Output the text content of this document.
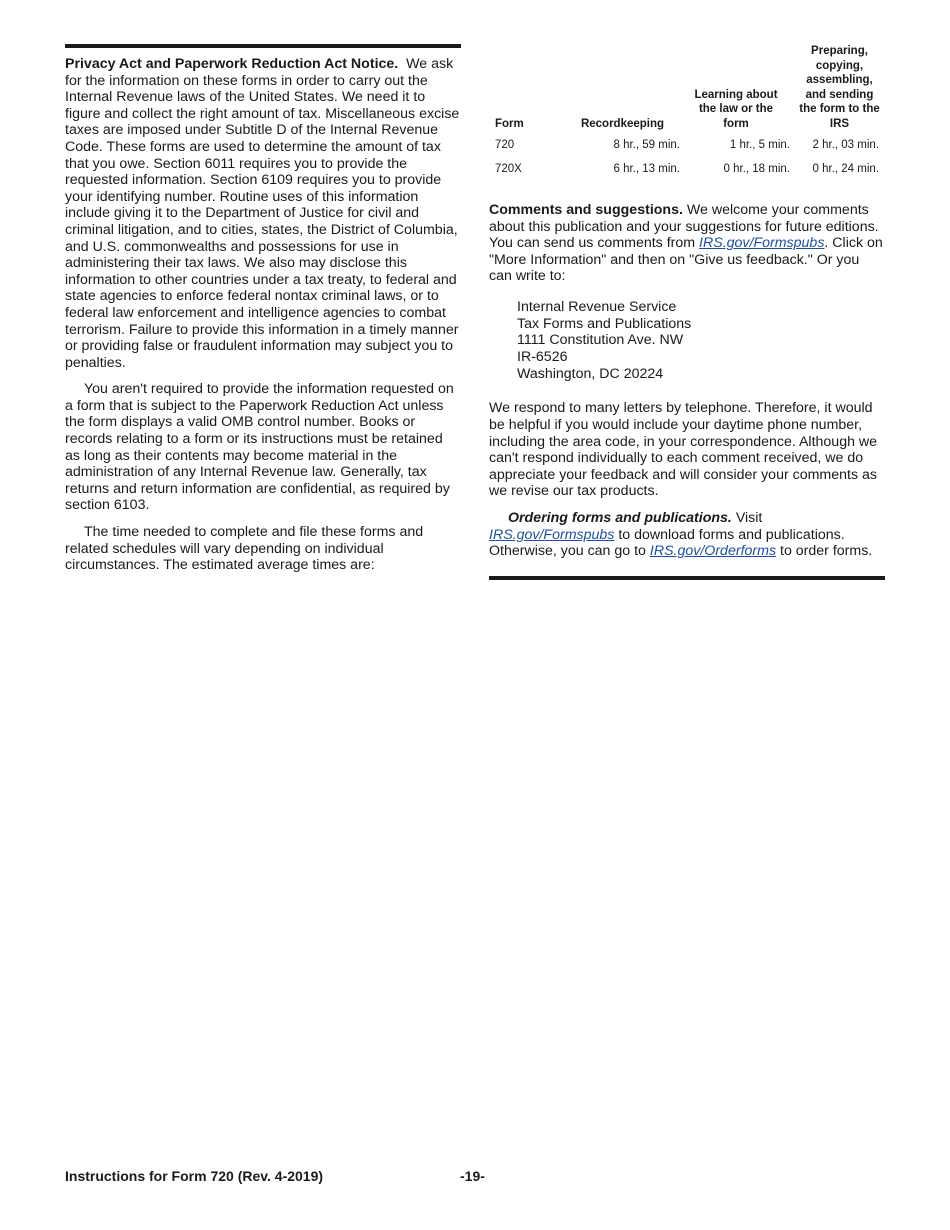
Privacy Act and Paperwork Reduction Act Notice. We ask for the information on these forms in order to carry out the Internal Revenue laws of the United States. We need it to figure and collect the right amount of tax. Miscellaneous excise taxes are imposed under Subtitle D of the Internal Revenue Code. These forms are used to determine the amount of tax that you owe. Section 6011 requires you to provide the requested information. Section 6109 requires you to provide your identifying number. Routine uses of this information include giving it to the Department of Justice for civil and criminal litigation, and to cities, states, the District of Columbia, and U.S. commonwealths and possessions for use in administering their tax laws. We also may disclose this information to other countries under a tax treaty, to federal and state agencies to enforce federal nontax criminal laws, or to federal law enforcement and intelligence agencies to combat terrorism. Failure to provide this information in a timely manner or providing false or fraudulent information may subject you to penalties.

You aren't required to provide the information requested on a form that is subject to the Paperwork Reduction Act unless the form displays a valid OMB control number. Books or records relating to a form or its instructions must be retained as long as their contents may become material in the administration of any Internal Revenue law. Generally, tax returns and return information are confidential, as required by section 6103.

The time needed to complete and file these forms and related schedules will vary depending on individual circumstances. The estimated average times are:

Form	Recordkeeping	Learning about the law or the form	Preparing, copying, assembling, and sending the form to the IRS
720	8 hr., 59 min.	1 hr., 5 min.	2 hr., 03 min.
720X	6 hr., 13 min.	0 hr., 18 min.	0 hr., 24 min.

Comments and suggestions. We welcome your comments about this publication and your suggestions for future editions. You can send us comments from IRS.gov/Formspubs. Click on "More Information" and then on "Give us feedback." Or you can write to:

Internal Revenue Service
Tax Forms and Publications
1111 Constitution Ave. NW
IR-6526
Washington, DC 20224

We respond to many letters by telephone. Therefore, it would be helpful if you would include your daytime phone number, including the area code, in your correspondence. Although we can't respond individually to each comment received, we do appreciate your feedback and will consider your comments as we revise our tax products.

Ordering forms and publications. Visit IRS.gov/Formspubs to download forms and publications. Otherwise, you can go to IRS.gov/Orderforms to order forms.

Instructions for Form 720 (Rev. 4-2019)	-19-
